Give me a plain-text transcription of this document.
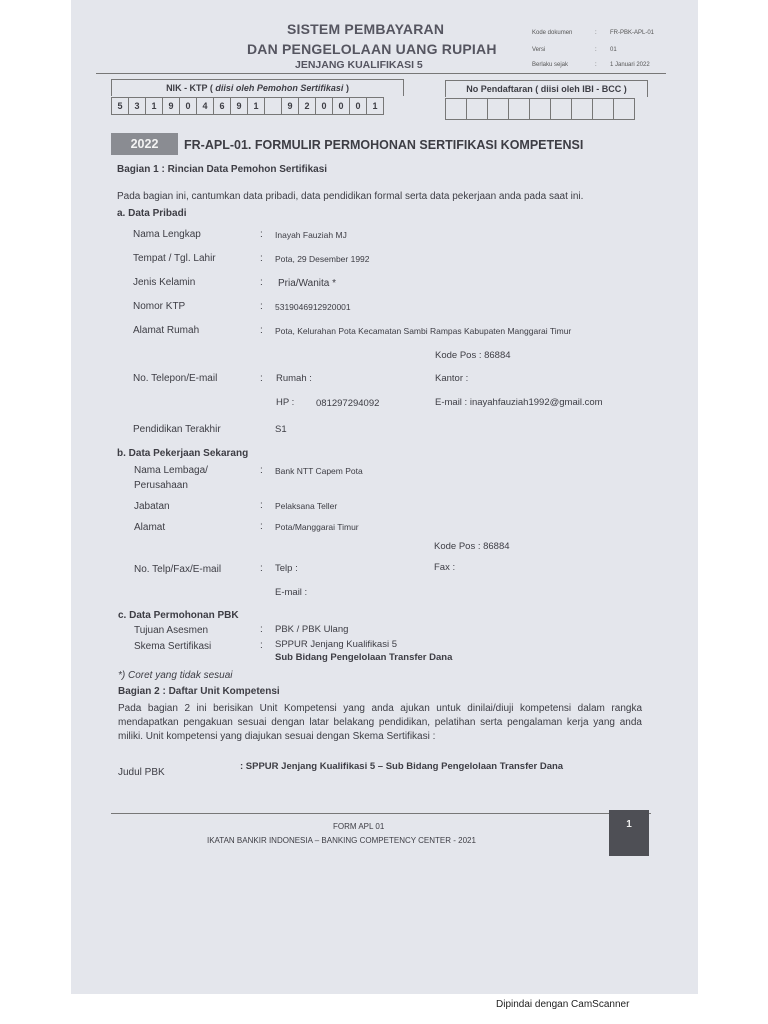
SISTEM PEMBAYARAN
DAN PENGELOLAAN UANG RUPIAH
JENJANG KUALIFIKASI 5
Kode dokumen	: FR-PBK-APL-01
Versi	: 01
Berlaku sejak	: 1 Januari 2022
NIK - KTP ( diisi oleh Pemohon Sertifikasi )
5	3	1	9	0	4	6	9	1		9	2	0	0	0	1
No Pendaftaran ( diisi oleh IBI - BCC )

2022	FR-APL-01. FORMULIR PERMOHONAN SERTIFIKASI KOMPETENSI
Bagian 1 : Rincian Data Pemohon Sertifikasi
Pada bagian ini, cantumkan data pribadi, data pendidikan formal serta data pekerjaan anda pada saat ini.
a. Data Pribadi
Nama Lengkap	: Inayah Fauziah MJ
Tempat / Tgl. Lahir	: Pota, 29 Desember 1992
Jenis Kelamin	: Pria/Wanita *
Nomor KTP	: 5319046912920001
Alamat Rumah	: Pota, Kelurahan Pota Kecamatan Sambi Rampas Kabupaten Manggarai Timur
Kode Pos : 86884
No. Telepon/E-mail	: Rumah :	Kantor :
HP : 081297294092	E-mail : inayahfauziah1992@gmail.com
Pendidikan Terakhir	S1
b. Data Pekerjaan Sekarang
Nama Lembaga/
Perusahaan
: Bank NTT Capem Pota
Jabatan	: Pelaksana Teller
Alamat	: Pota/Manggarai Timur
Kode Pos : 86884
No. Telp/Fax/E-mail	: Telp :	Fax :
E-mail :
c. Data Permohonan PBK
Tujuan Asesmen	: PBK / PBK Ulang
Skema Sertifikasi	: SPPUR Jenjang Kualifikasi 5
Sub Bidang Pengelolaan Transfer Dana
*) Coret yang tidak sesuai
Bagian 2 : Daftar Unit Kompetensi
Pada bagian 2 ini berisikan Unit Kompetensi yang anda ajukan untuk dinilai/diuji kompetensi dalam rangka mendapatkan pengakuan sesuai dengan latar belakang pendidikan, pelatihan serta pengalaman kerja yang anda miliki. Unit kompetensi yang diajukan sesuai dengan Skema Sertifikasi :
Judul PBK
: SPPUR Jenjang Kualifikasi 5 – Sub Bidang Pengelolaan Transfer Dana
FORM APL 01
IKATAN BANKIR INDONESIA – BANKING COMPETENCY CENTER - 2021
1
Dipindai dengan CamScanner
